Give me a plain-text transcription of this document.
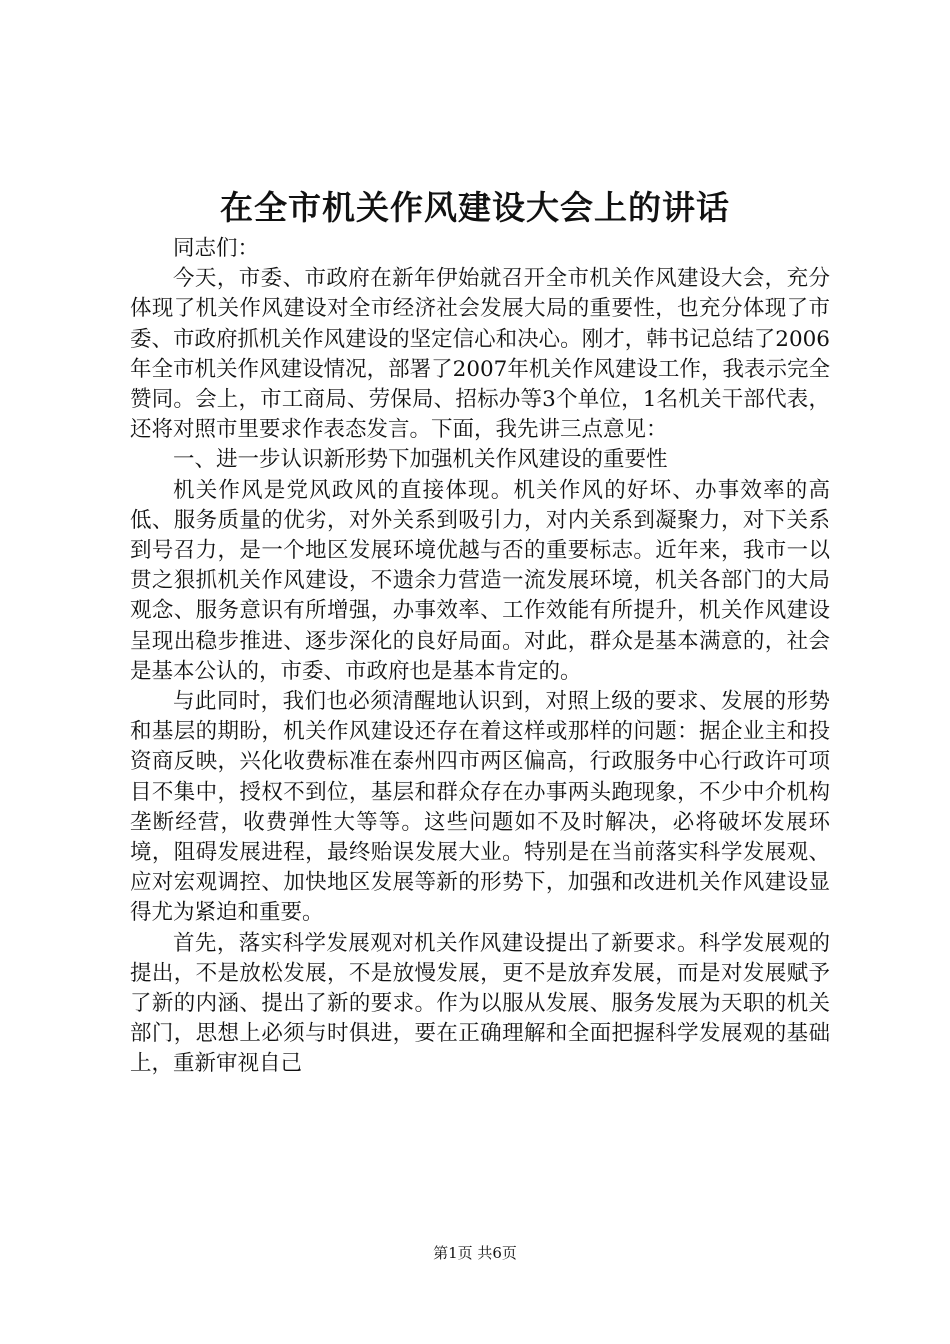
在全市机关作风建设大会上的讲话

同志们：

今天，市委、市政府在新年伊始就召开全市机关作风建设大会，充分体现了机关作风建设对全市经济社会发展大局的重要性，也充分体现了市委、市政府抓机关作风建设的坚定信心和决心。刚才，韩书记总结了2006年全市机关作风建设情况，部署了2007年机关作风建设工作，我表示完全赞同。会上，市工商局、劳保局、招标办等3个单位，1名机关干部代表，还将对照市里要求作表态发言。下面，我先讲三点意见：

一、进一步认识新形势下加强机关作风建设的重要性

机关作风是党风政风的直接体现。机关作风的好坏、办事效率的高低、服务质量的优劣，对外关系到吸引力，对内关系到凝聚力，对下关系到号召力，是一个地区发展环境优越与否的重要标志。近年来，我市一以贯之狠抓机关作风建设，不遗余力营造一流发展环境，机关各部门的大局观念、服务意识有所增强，办事效率、工作效能有所提升，机关作风建设呈现出稳步推进、逐步深化的良好局面。对此，群众是基本满意的，社会是基本公认的，市委、市政府也是基本肯定的。

与此同时，我们也必须清醒地认识到，对照上级的要求、发展的形势和基层的期盼，机关作风建设还存在着这样或那样的问题：据企业主和投资商反映，兴化收费标准在泰州四市两区偏高，行政服务中心行政许可项目不集中，授权不到位，基层和群众存在办事两头跑现象，不少中介机构垄断经营，收费弹性大等等。这些问题如不及时解决，必将破坏发展环境，阻碍发展进程，最终贻误发展大业。特别是在当前落实科学发展观、应对宏观调控、加快地区发展等新的形势下，加强和改进机关作风建设显得尤为紧迫和重要。

首先，落实科学发展观对机关作风建设提出了新要求。科学发展观的提出，不是放松发展，不是放慢发展，更不是放弃发展，而是对发展赋予了新的内涵、提出了新的要求。作为以服从发展、服务发展为天职的机关部门，思想上必须与时俱进，要在正确理解和全面把握科学发展观的基础上，重新审视自己

第1页 共6页
